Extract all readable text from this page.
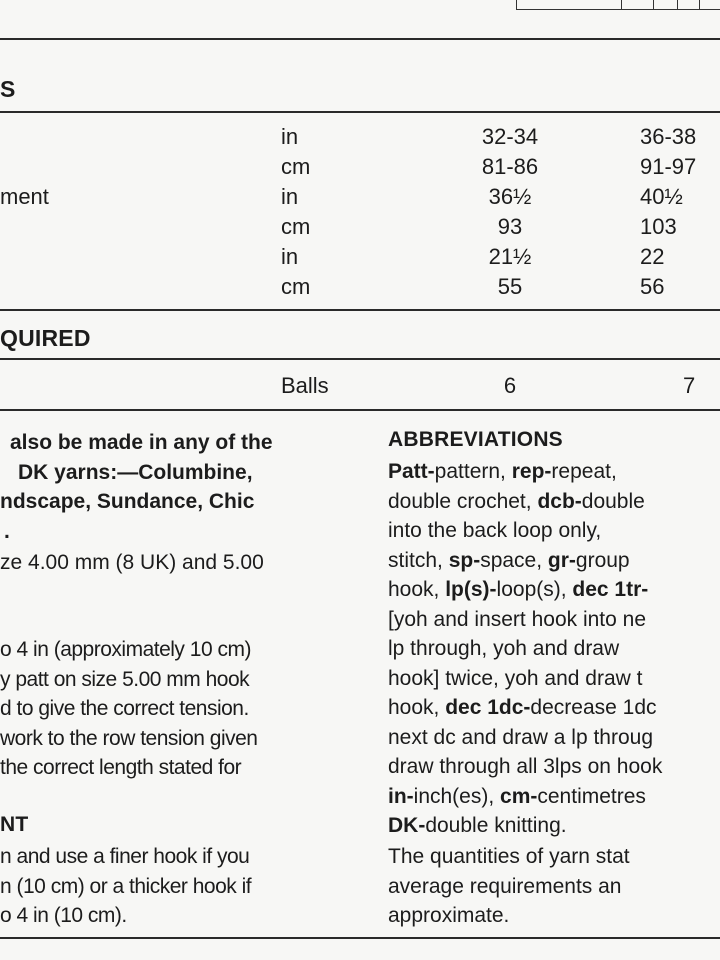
S
in	32-34	36-38
cm	81-86	91-97
ment	in	36½	40½
cm	93	103
in	21½	22
cm	55	56
QUIRED
Balls	6	7
also be made in any of the
DK yarns:—Columbine,
ndscape, Sundance, Chic
.
ze 4.00 mm (8 UK) and 5.00
o 4 in (approximately 10 cm)
y patt on size 5.00 mm hook
d to give the correct tension.
work to the row tension given
the correct length stated for
NT
n and use a finer hook if you
n (10 cm) or a thicker hook if
o 4 in (10 cm).
ABBREVIATIONS
Patt-pattern, rep-repeat,
double crochet, dcb-double
into the back loop only,
stitch, sp-space, gr-group
hook, lp(s)-loop(s), dec 1tr-
[yoh and insert hook into ne
lp through, yoh and draw
hook] twice, yoh and draw t
hook, dec 1dc-decrease 1dc
next dc and draw a lp throug
draw through all 3lps on hook
in-inch(es), cm-centimetres
DK-double knitting.
The quantities of yarn stat
average requirements an
approximate.
